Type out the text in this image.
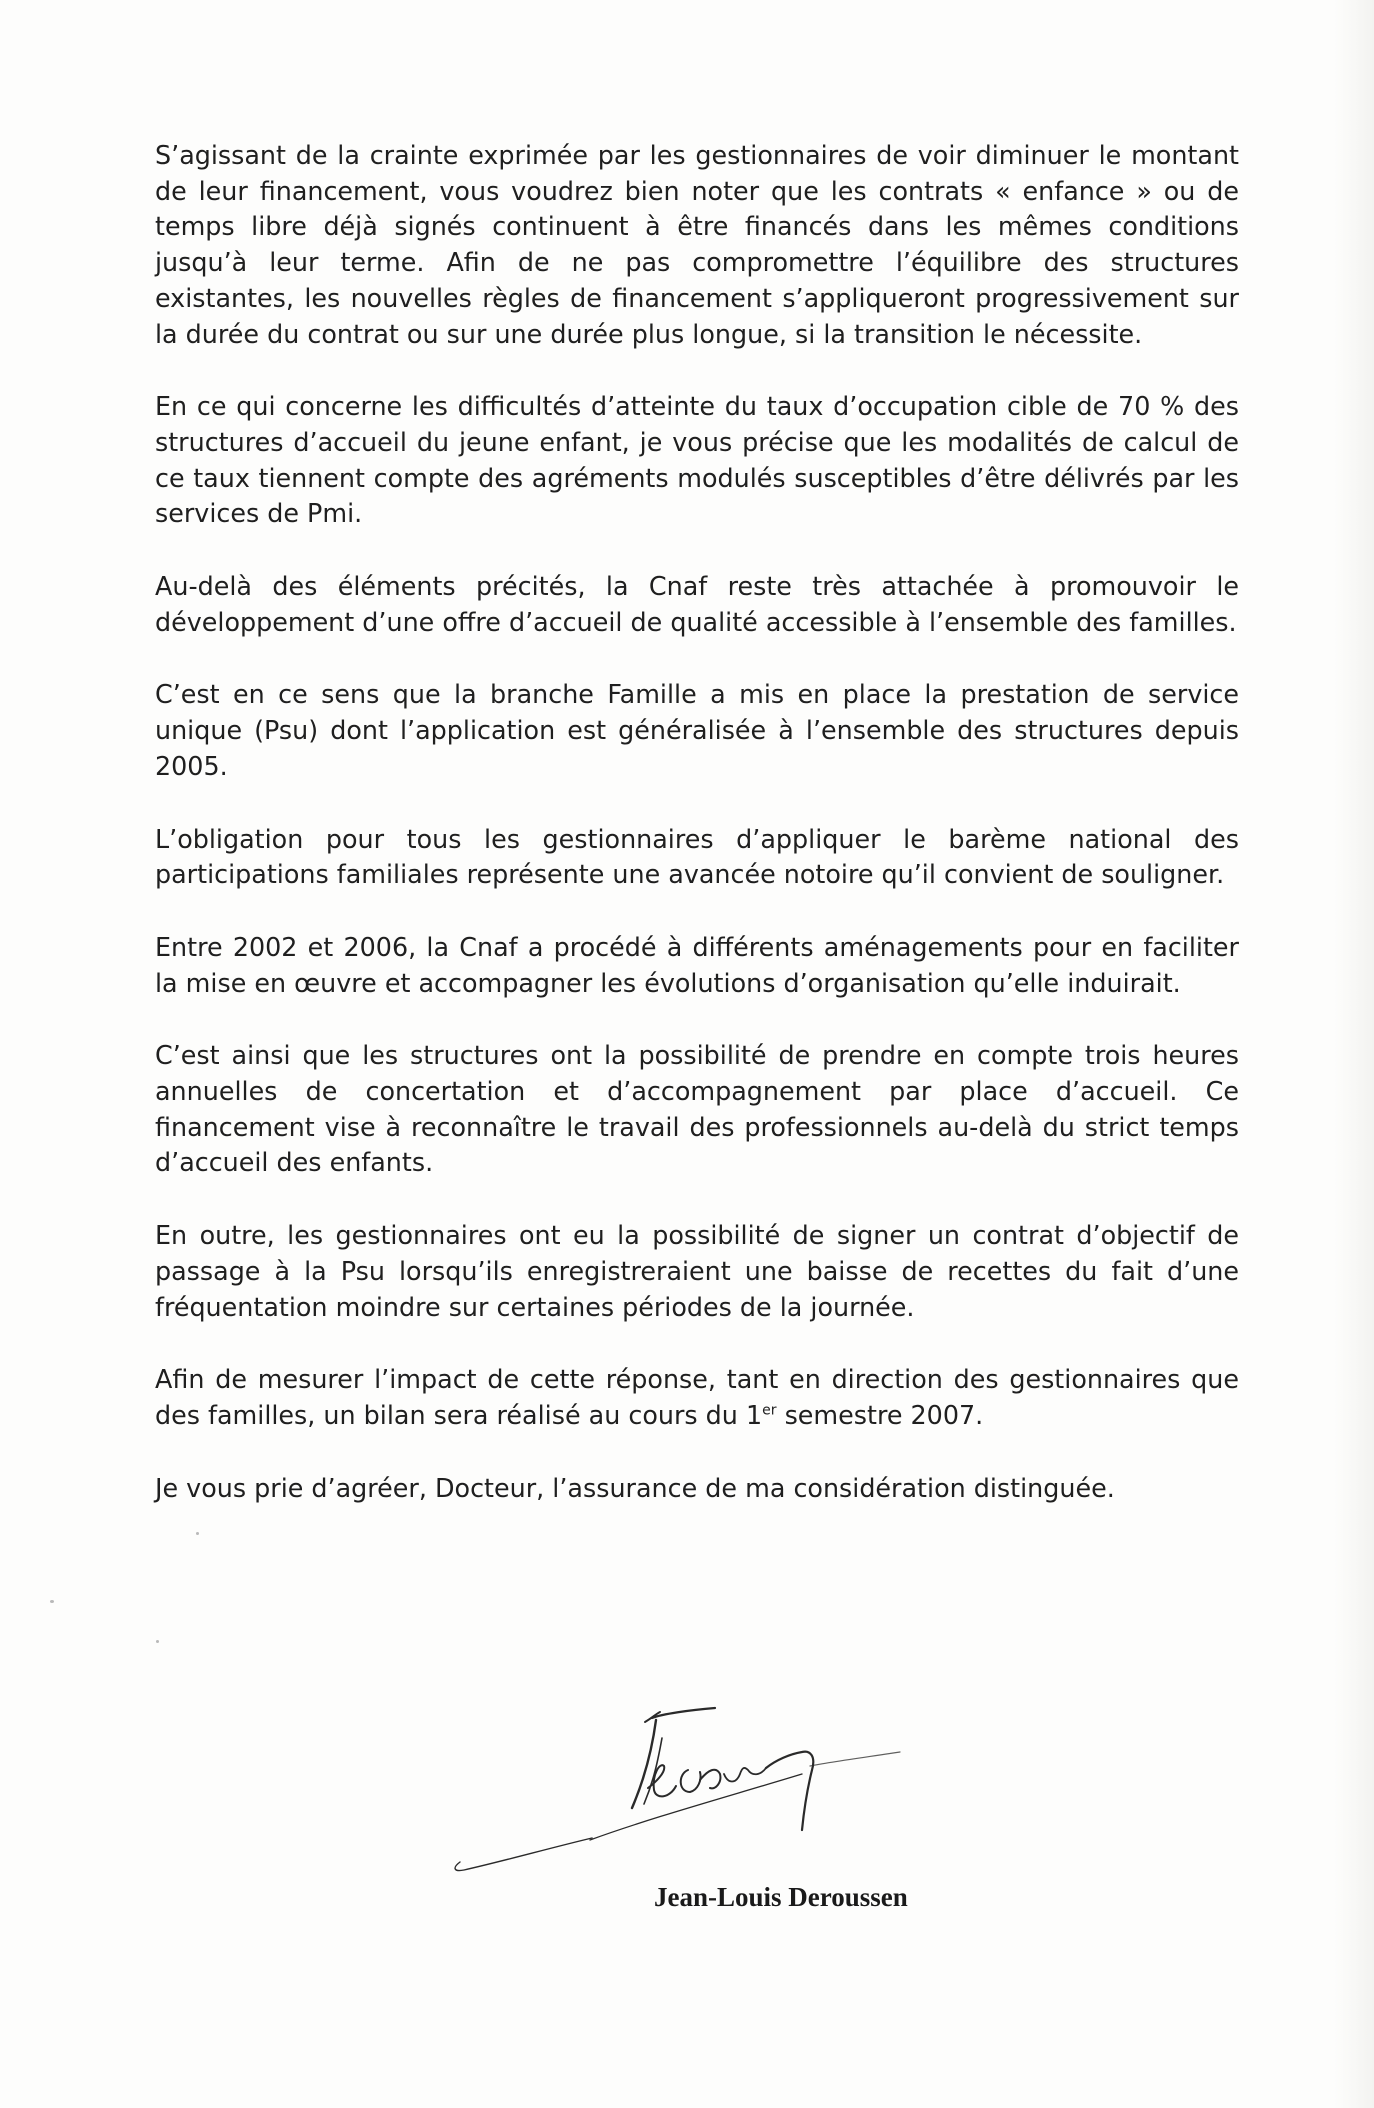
S’agissant de la crainte exprimée par les gestionnaires de voir diminuer le montant de leur financement, vous voudrez bien noter que les contrats « enfance » ou de temps libre déjà signés continuent à être financés dans les mêmes conditions jusqu’à leur terme. Afin de ne pas compromettre l’équilibre des structures existantes, les nouvelles règles de financement s’appliqueront progressivement sur la durée du contrat ou sur une durée plus longue, si la transition le nécessite.

En ce qui concerne les difficultés d’atteinte du taux d’occupation cible de 70 % des structures d’accueil du jeune enfant, je vous précise que les modalités de calcul de ce taux tiennent compte des agréments modulés susceptibles d’être délivrés par les services de Pmi.

Au-delà des éléments précités, la Cnaf reste très attachée à promouvoir le développement d’une offre d’accueil de qualité accessible à l’ensemble des familles.

C’est en ce sens que la branche Famille a mis en place la prestation de service unique (Psu) dont l’application est généralisée à l’ensemble des structures depuis 2005.

L’obligation pour tous les gestionnaires d’appliquer le barème national des participations familiales représente une avancée notoire qu’il convient de souligner.

Entre 2002 et 2006, la Cnaf a procédé à différents aménagements pour en faciliter la mise en œuvre et accompagner les évolutions d’organisation qu’elle induirait.

C’est ainsi que les structures ont la possibilité de prendre en compte trois heures annuelles de concertation et d’accompagnement par place d’accueil. Ce financement vise à reconnaître le travail des professionnels au-delà du strict temps d’accueil des enfants.

En outre, les gestionnaires ont eu la possibilité de signer un contrat d’objectif de passage à la Psu lorsqu’ils enregistreraient une baisse de recettes du fait d’une fréquentation moindre sur certaines périodes de la journée.

Afin de mesurer l’impact de cette réponse, tant en direction des gestionnaires que des familles, un bilan sera réalisé au cours du 1er semestre 2007.

Je vous prie d’agréer, Docteur, l’assurance de ma considération distinguée.

Jean-Louis Deroussen
